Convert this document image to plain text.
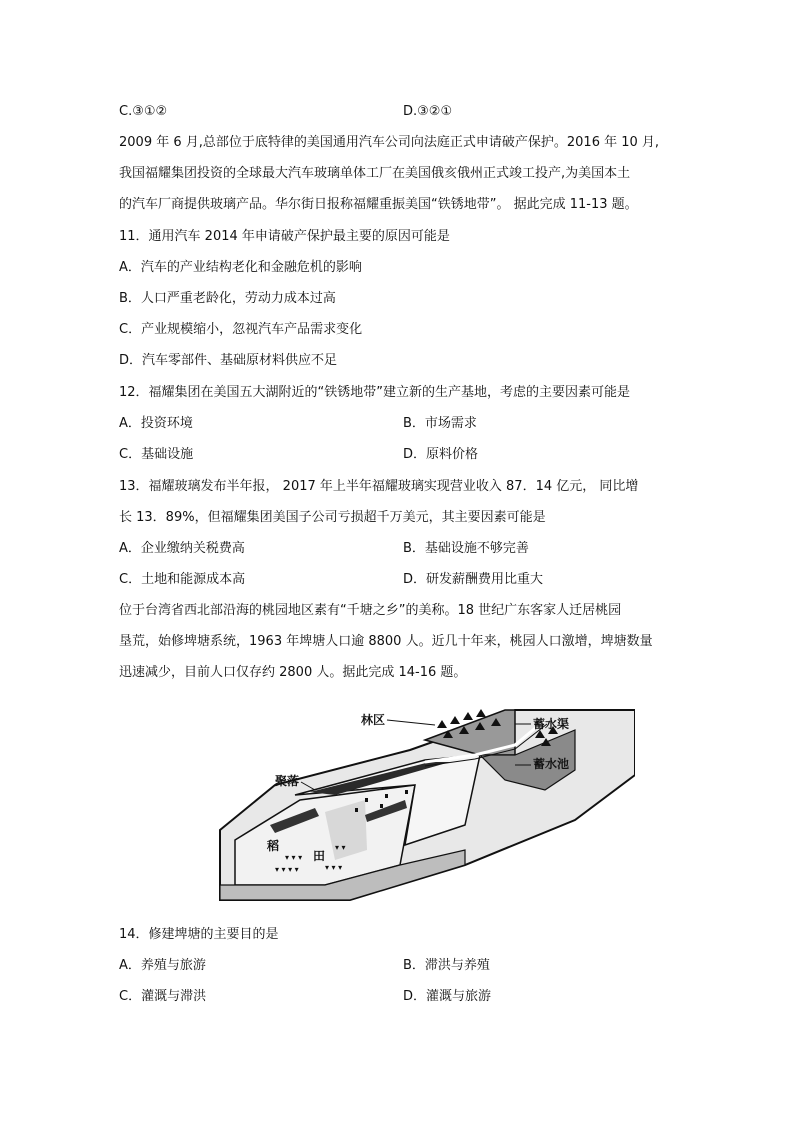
C.③①②	D.③②①
2009 年 6 月,总部位于底特律的美国通用汽车公司向法庭正式申请破产保护。2016 年 10 月,
我国福耀集团投资的全球最大汽车玻璃单体工厂在美国俄亥俄州正式竣工投产,为美国本土
的汽车厂商提供玻璃产品。华尔街日报称福耀重振美国“铁锈地带”。 据此完成 11-13 题。
11．通用汽车 2014 年申请破产保护最主要的原因可能是
A．汽车的产业结构老化和金融危机的影响
B．人口严重老龄化，劳动力成本过高
C．产业规模缩小，忽视汽车产品需求变化
D．汽车零部件、基础原材料供应不足
12．福耀集团在美国五大湖附近的“铁锈地带”建立新的生产基地，考虑的主要因素可能是
A．投资环境	B．市场需求
C．基础设施	D．原料价格
13．福耀玻璃发布半年报， 2017 年上半年福耀玻璃实现营业收入 87．14 亿元， 同比增
长 13．89%，但福耀集团美国子公司亏损超千万美元，其主要因素可能是
A．企业缴纳关税费高	B．基础设施不够完善
C．土地和能源成本高	D．研发薪酬费用比重大
位于台湾省西北部沿海的桃园地区素有“千塘之乡”的美称。18 世纪广东客家人迁居桃园
垦荒，始修埤塘系统，1963 年埤塘人口逾 8800 人。近几十年来，桃园人口激增，埤塘数量
迅速减少，目前人口仅存约 2800 人。据此完成 14-16 题。
▾ ▾ ▾
▾ ▾ ▾ ▾
▾ ▾
▾ ▾ ▾
林区	蓄水渠
蓄水池
聚落
稻
田
14．修建埤塘的主要目的是
A．养殖与旅游	B．滞洪与养殖
C．灌溉与滞洪	D．灌溉与旅游
